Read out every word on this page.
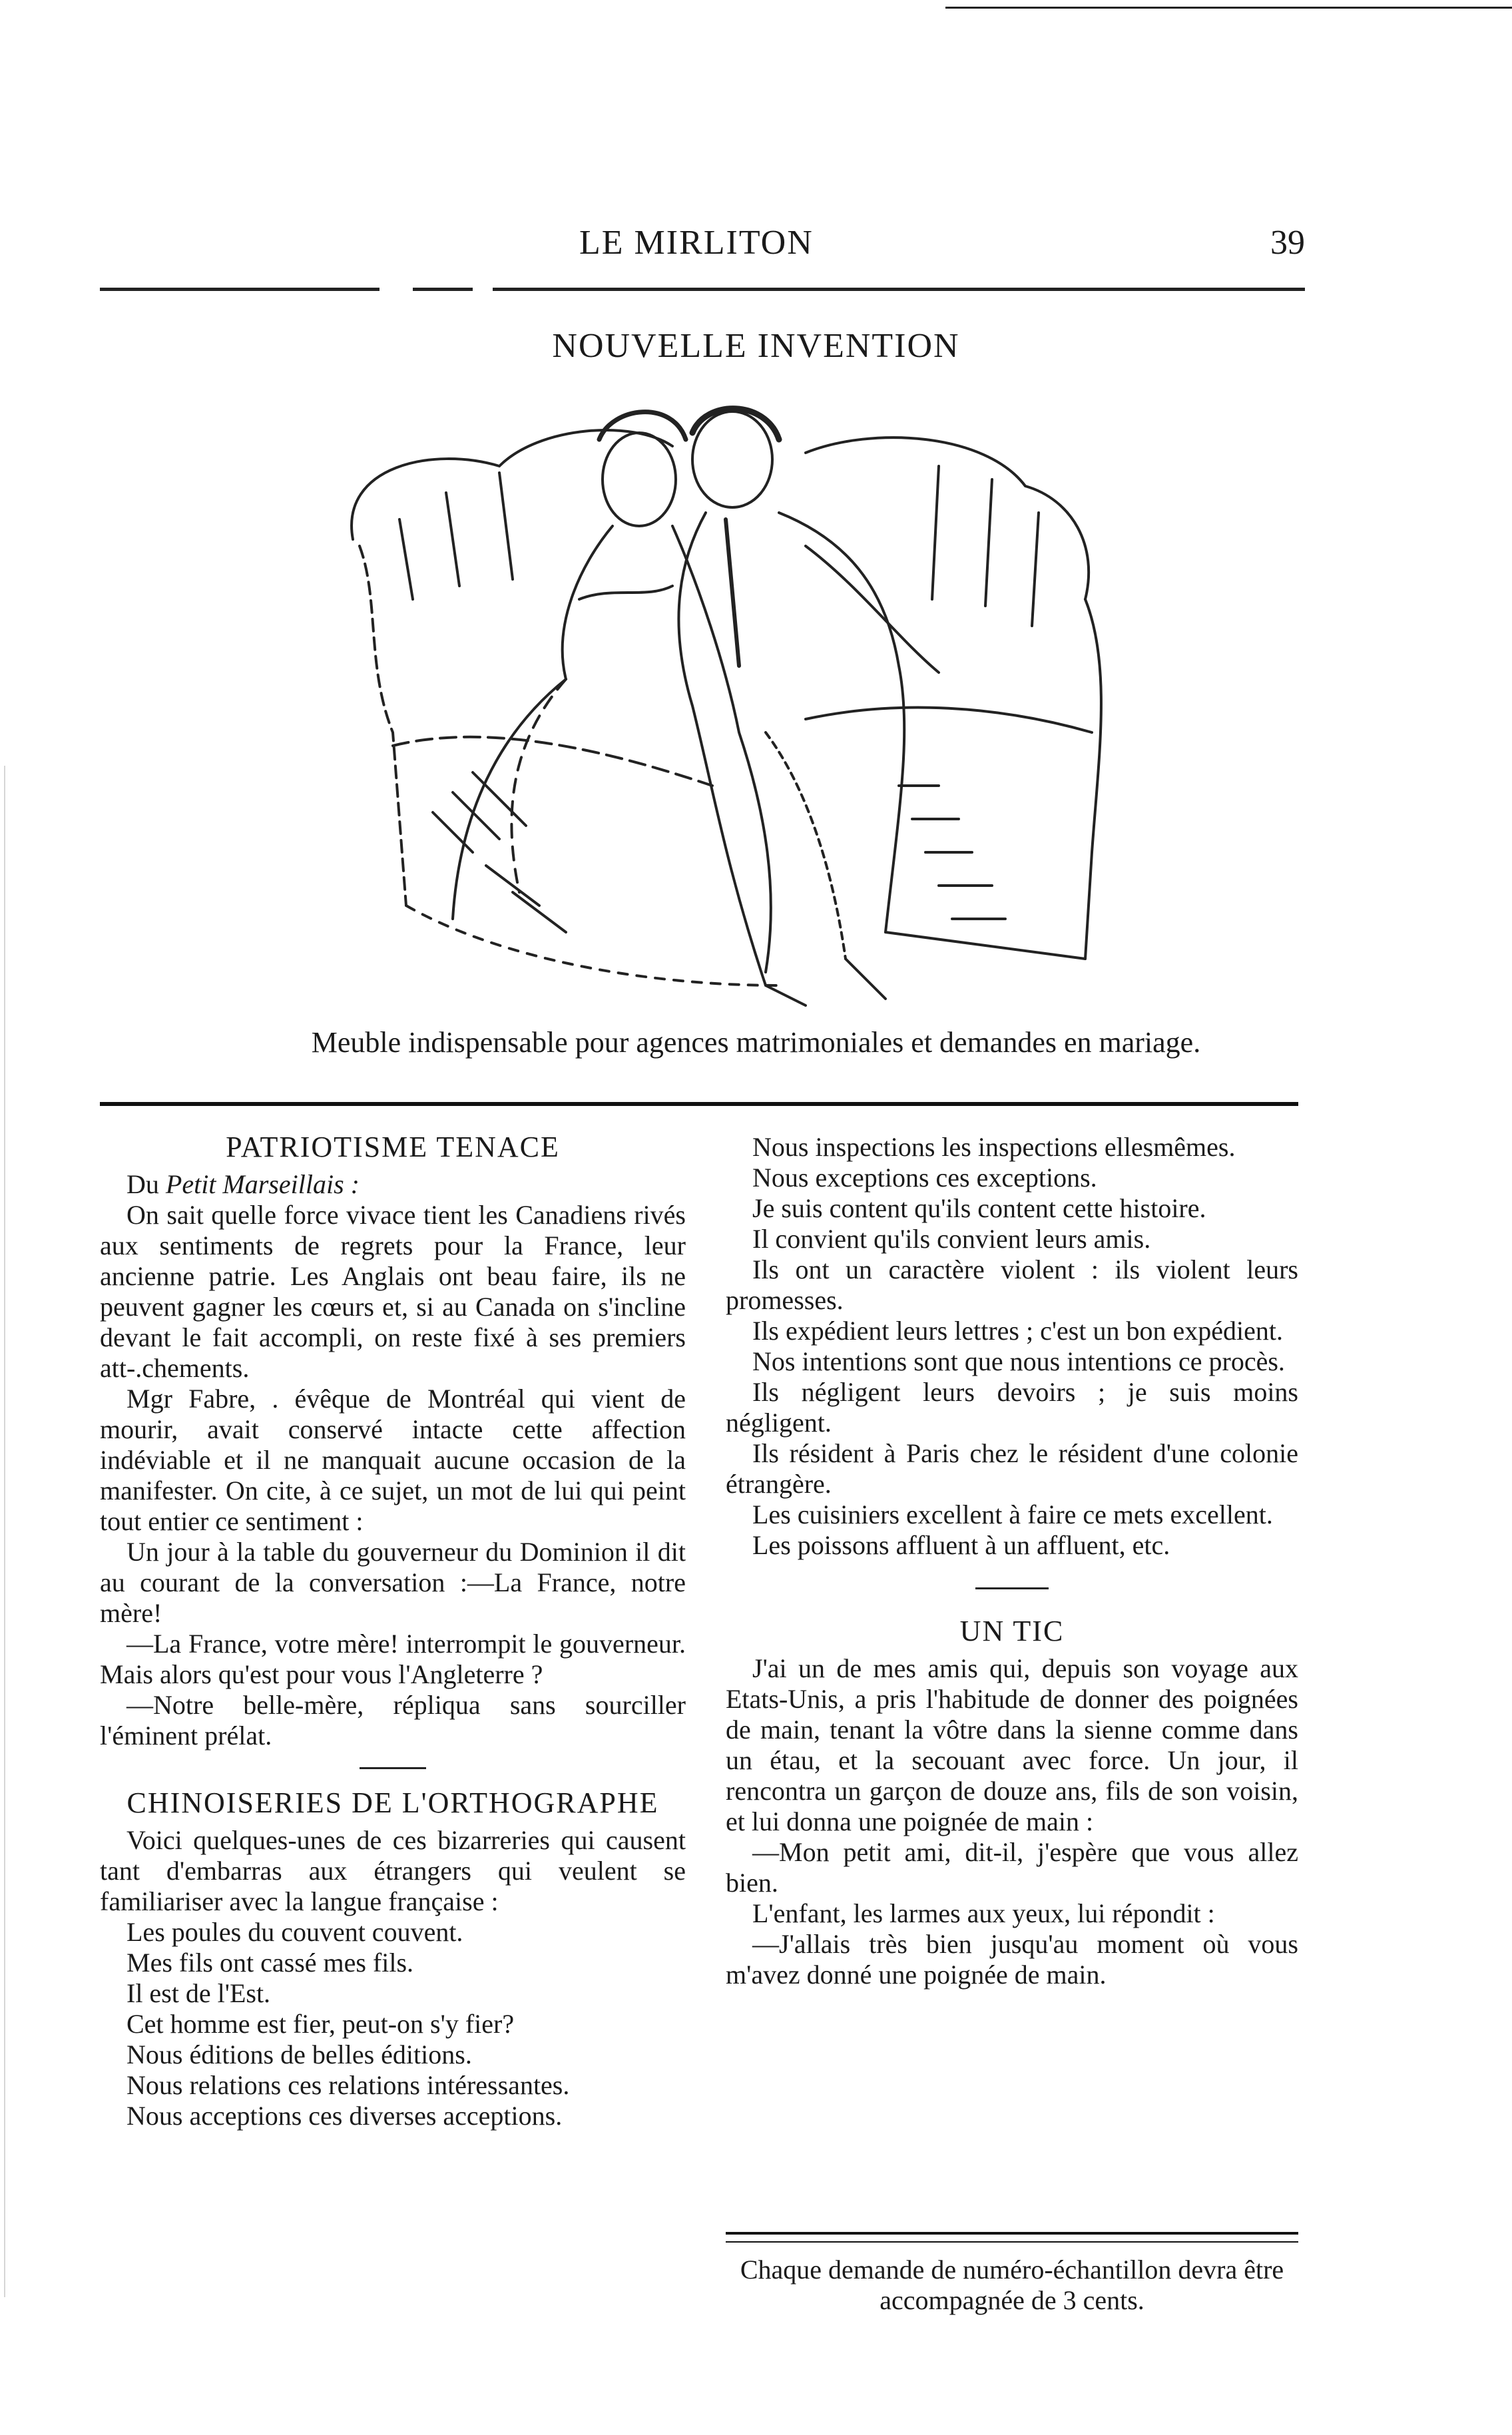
LE MIRLITON	39
NOUVELLE INVENTION
Meuble indispensable pour agences matrimoniales et demandes en mariage.
PATRIOTISME TENACE

Du Petit Marseillais :

On sait quelle force vivace tient les Canadiens rivés aux sentiments de regrets pour la France, leur ancienne patrie. Les Anglais ont beau faire, ils ne peuvent gagner les cœurs et, si au Canada on s'incline devant le fait accompli, on reste fixé à ses premiers att-.chements.

Mgr Fabre, . évêque de Montréal qui vient de mourir, avait conservé intacte cette affection indéviable et il ne manquait aucune occasion de la manifester. On cite, à ce sujet, un mot de lui qui peint tout entier ce sentiment :

Un jour à la table du gouverneur du Dominion il dit au courant de la conversation :—La France, notre mère!

—La France, votre mère! interrompit le gouverneur. Mais alors qu'est pour vous l'Angleterre ?

—Notre belle-mère, répliqua sans sourciller l'éminent prélat.

CHINOISERIES DE L'ORTHOGRAPHE

Voici quelques-unes de ces bizarreries qui causent tant d'embarras aux étrangers qui veulent se familiariser avec la langue française :

Les poules du couvent couvent.

Mes fils ont cassé mes fils.

Il est de l'Est.

Cet homme est fier, peut-on s'y fier?

Nous éditions de belles éditions.

Nous relations ces relations intéressantes.

Nous acceptions ces diverses acceptions.

Nous inspections les inspections ellesmêmes.

Nous exceptions ces exceptions.

Je suis content qu'ils content cette histoire.

Il convient qu'ils convient leurs amis.

Ils ont un caractère violent : ils violent leurs promesses.

Ils expédient leurs lettres ; c'est un bon expédient.

Nos intentions sont que nous intentions ce procès.

Ils négligent leurs devoirs ; je suis moins négligent.

Ils résident à Paris chez le résident d'une colonie étrangère.

Les cuisiniers excellent à faire ce mets excellent.

Les poissons affluent à un affluent, etc.

UN TIC

J'ai un de mes amis qui, depuis son voyage aux Etats-Unis, a pris l'habitude de donner des poignées de main, tenant la vôtre dans la sienne comme dans un étau, et la secouant avec force. Un jour, il rencontra un garçon de douze ans, fils de son voisin, et lui donna une poignée de main :

—Mon petit ami, dit-il, j'espère que vous allez bien.

L'enfant, les larmes aux yeux, lui répondit :

—J'allais très bien jusqu'au moment où vous m'avez donné une poignée de main.

Chaque demande de numéro-échantillon devra être accompagnée de 3 cents.
